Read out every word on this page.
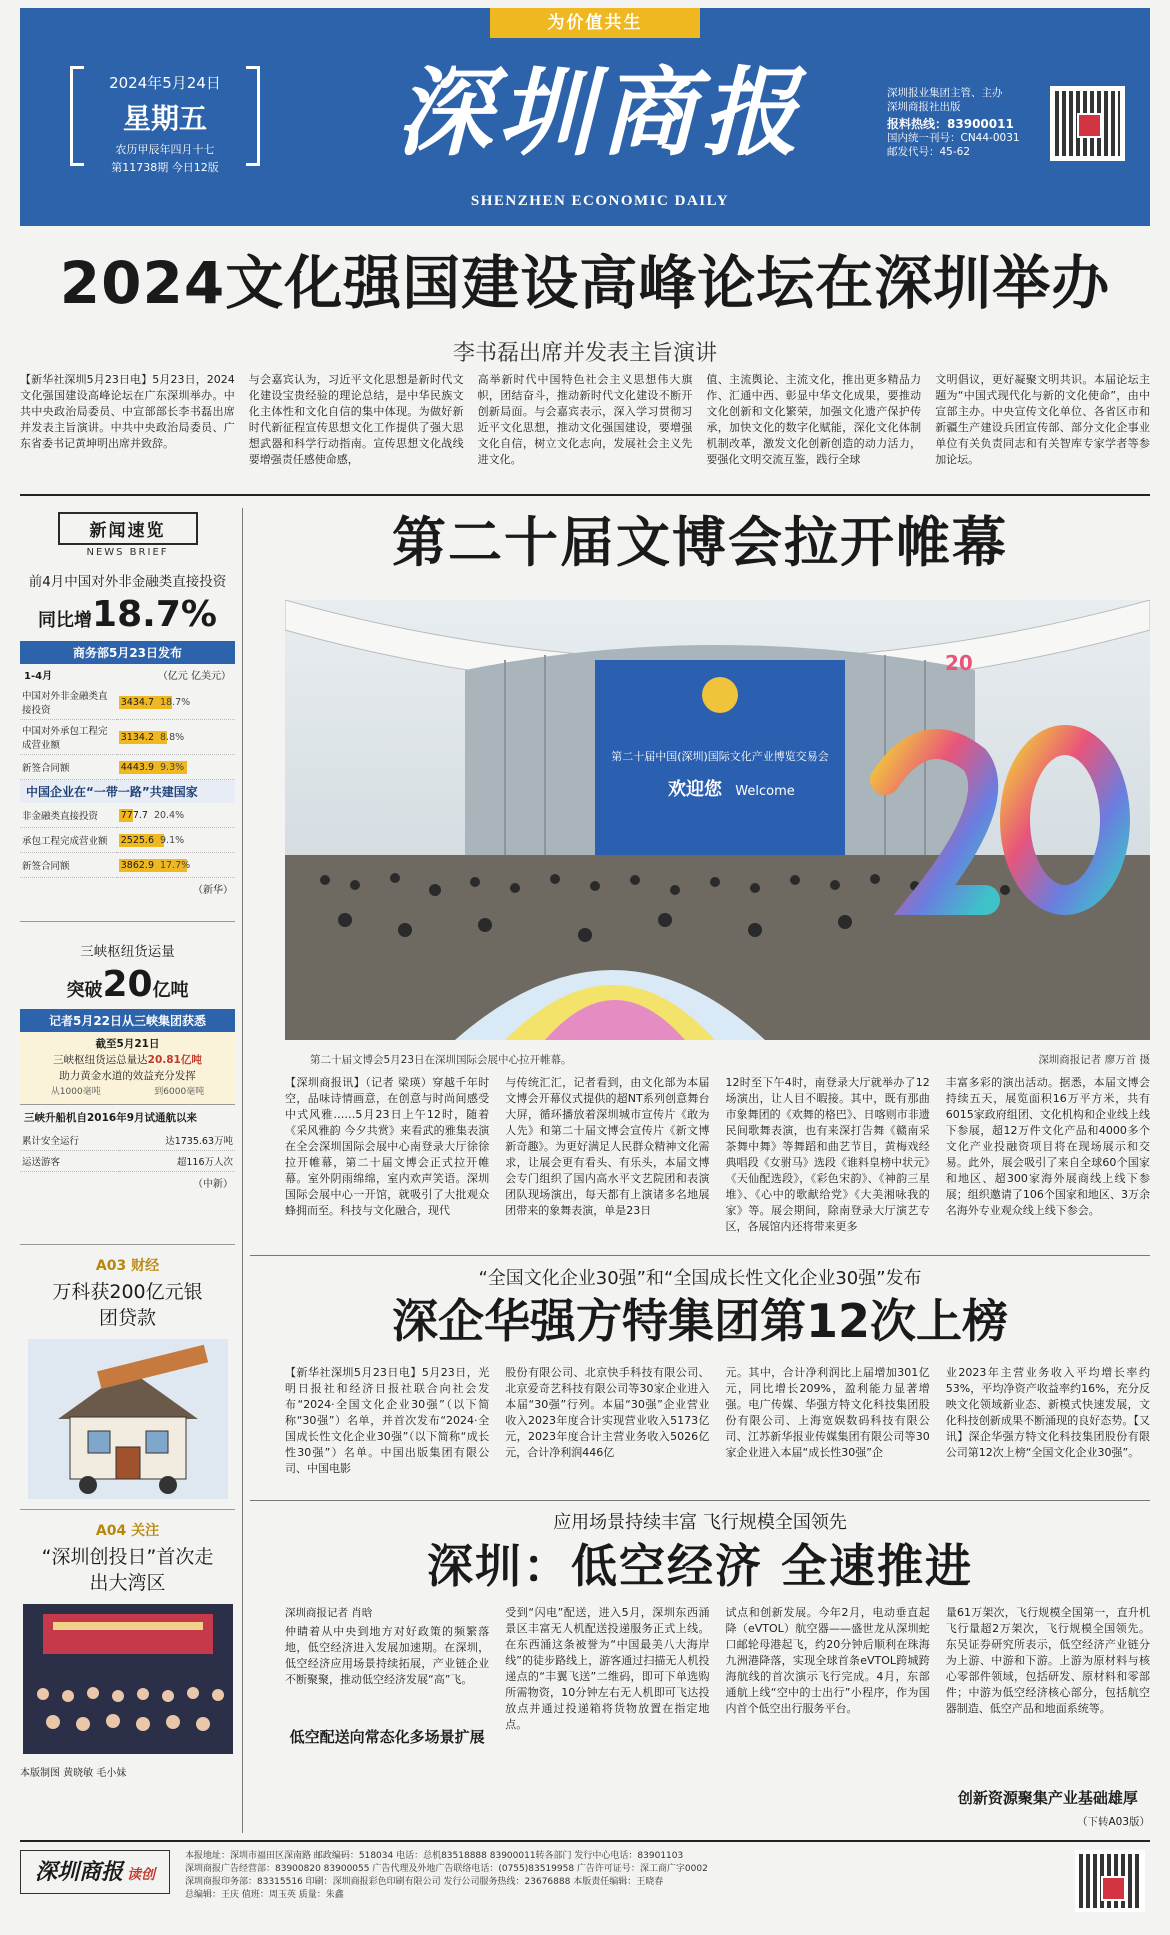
为价值共生
2024年5月24日
星期五
农历甲辰年四月十七
第11738期 今日12版	深圳商报
SHENZHEN ECONOMIC DAILY
深圳报业集团主管、主办
深圳商报社出版
报料热线：83900011
国内统一刊号：CN44-0031
邮发代号：45-62
2024文化强国建设高峰论坛在深圳举办
李书磊出席并发表主旨演讲
【新华社深圳5月23日电】5月23日，2024文化强国建设高峰论坛在广东深圳举办。中共中央政治局委员、中宣部部长李书磊出席并发表主旨演讲。中共中央政治局委员、广东省委书记黄坤明出席并致辞。
与会嘉宾认为，习近平文化思想是新时代文化建设宝贵经验的理论总结，是中华民族文化主体性和文化自信的集中体现。为做好新时代新征程宣传思想文化工作提供了强大思想武器和科学行动指南。宣传思想文化战线要增强责任感使命感，
高举新时代中国特色社会主义思想伟大旗帜，团结奋斗，推动新时代文化建设不断开创新局面。与会嘉宾表示，深入学习贯彻习近平文化思想，推动文化强国建设，要增强文化自信，树立文化志向，发展社会主义先进文化。
值、主流舆论、主流文化，推出更多精品力作、汇通中西、彰显中华文化成果，要推动文化创新和文化繁荣，加强文化遗产保护传承，加快文化的数字化赋能，深化文化体制机制改革，激发文化创新创造的动力活力，要强化文明交流互鉴，践行全球
文明倡议，更好凝聚文明共识。本届论坛主题为“中国式现代化与新的文化使命”，由中宣部主办。中央宣传文化单位、各省区市和新疆生产建设兵团宣传部、部分文化企事业单位有关负责同志和有关智库专家学者等参加论坛。
新闻速览
NEWS BRIEF
前4月中国对外非金融类直接投资
同比增18.7%
商务部5月23日发布
1-4月	（亿元 亿美元）
中国对外非金融类直接投资	3434.7 18.7%

中国对外承包工程完成营业额	3134.2 8.8%

新签合同额	4443.9 9.3%
中国企业在“一带一路”共建国家
非金融类直接投资	777.7 20.4%

承包工程完成营业额	2525.6 9.1%

新签合同额	3862.9 17.7%
（新华）
三峡枢纽货运量
突破20亿吨
记者5月22日从三峡集团获悉
截至5月21日
三峡枢纽货运总量达20.81亿吨
助力黄金水道的效益充分发挥
从1000毫吨	到6000毫吨
三峡升船机自2016年9月试通航以来
累计安全运行	达1735.63万吨
运送游客	超116万人次
（中新）
A03 财经
万科获200亿元银团贷款
A04 关注
“深圳创投日”首次走出大湾区
本版制图 黄晓敏 毛小妹
第二十届文博会拉开帷幕
第二十届中国(深圳)国际文化产业博览交易会
欢迎您 Welcome
20
第二十届文博会5月23日在深圳国际会展中心拉开帷幕。	深圳商报记者 廖万首 摄
【深圳商报讯】（记者 梁瑛）穿越千年时空，品味诗情画意，在创意与时尚间感受中式风雅……5月23日上午12时，随着《采风雅韵 今夕共赏》来看武的雅集表演在全会深圳国际会展中心南登录大厅徐徐拉开帷幕，第二十届文博会正式拉开帷幕。室外阴雨绵绵，室内欢声笑语。深圳国际会展中心一开馆，就吸引了大批观众蜂拥而至。科技与文化融合，现代
与传统汇汇，记者看到，由文化部为本届文博会开幕仪式提供的超NT系列创意舞台大屏，循环播放着深圳城市宣传片《敢为人先》和第二十届文博会宣传片《新文博 新奇趣》。为更好满足人民群众精神文化需求，让展会更有看头、有乐头，本届文博会专门组织了国内高水平文艺院团和表演团队现场演出，每天都有上演诸多名地展团带来的象舞表演，单是23日
12时至下午4时，南登录大厅就举办了12场演出，让人目不暇接。其中，既有那曲市象舞团的《欢舞的格巴》、日喀则市非遗民间歌舞表演，也有来深打告舞《赣南采茶舞中舞》等舞蹈和曲艺节目，黄梅戏经典唱段《女驸马》选段《谁料皇榜中状元》《天仙配选段》，《彩色宋韵》、《神韵三星堆》、《心中的歌献给党》《大美湘咏我的家》等。展会期间，除南登录大厅演艺专区，各展馆内还将带来更多
丰富多彩的演出活动。据悉，本届文博会持续五天，展览面积16万平方米，共有6015家政府组团、文化机构和企业线上线下参展，超12万件文化产品和4000多个文化产业投融资项目将在现场展示和交易。此外，展会吸引了来自全球60个国家和地区、超300家海外展商线上线下参展；组织邀请了106个国家和地区、3万余名海外专业观众线上线下参会。
“全国文化企业30强”和“全国成长性文化企业30强”发布
深企华强方特集团第12次上榜
【新华社深圳5月23日电】5月23日，光明日报社和经济日报社联合向社会发布“2024·全国文化企业30强”（以下简称“30强”）名单，并首次发布“2024·全国成长性文化企业30强”（以下简称“成长性30强”）名单。中国出版集团有限公司、中国电影
股份有限公司、北京快手科技有限公司、北京爱奇艺科技有限公司等30家企业进入本届“30强”行列。本届“30强”企业营业收入2023年度合计实现营业收入5173亿元，2023年度合计主营业务收入5026亿元，合计净利润446亿
元。其中，合计净利润比上届增加301亿元，同比增长209%，盈利能力显著增强。电广传媒、华强方特文化科技集团股份有限公司、上海宽娱数码科技有限公司、江苏新华报业传媒集团有限公司等30家企业进入本届“成长性30强”企
业2023年主营业务收入平均增长率约53%，平均净资产收益率约16%，充分反映文化领域新业态、新模式快速发展，文化科技创新成果不断涌现的良好态势。【又讯】深企华强方特文化科技集团股份有限公司第12次上榜“全国文化企业30强”。
应用场景持续丰富 飞行规模全国领先
深圳：低空经济 全速推进
深圳商报记者 肖晗
仲睛着从中央到地方对好政策的频繁落地，低空经济进入发展加速期。在深圳，低空经济应用场景持续拓展，产业链企业不断聚聚，推动低空经济发展“高”飞。
低空配送向常态化多场景扩展
受到“闪电”配送，进入5月，深圳东西涌景区丰富无人机配送投递服务正式上线。在东西涌这条被誉为“中国最美八大海岸线”的徒步路线上，游客通过扫描无人机投递点的“丰翼飞送”二维码，即可下单选购所需物资，10分钟左右无人机即可飞达投放点并通过投递箱将货物放置在指定地点。
试点和创新发展。今年2月，电动垂直起降（eVTOL）航空器——盛世龙从深圳蛇口邮轮母港起飞，约20分钟后顺利在珠海九洲港降落，实现全球首条eVTOL跨城跨海航线的首次演示飞行完成。4月，东部通航上线“空中的士出行”小程序，作为国内首个低空出行服务平台。
量61万架次，飞行规模全国第一，直升机飞行量超2万架次，飞行规模全国领先。东吴证券研究所表示，低空经济产业链分为上游、中游和下游。上游为原材料与核心零部件领域，包括研发、原材料和零部件；中游为低空经济核心部分，包括航空器制造、低空产品和地面系统等。
创新资源聚集产业基础雄厚
（下转A03版）
深圳商报 读创
本报地址：深圳市福田区深南路 邮政编码：518034 电话：总机83518888 83900011转各部门 发行中心电话：83901103
深圳商报广告经营部：83900820 83900055 广告代理及外地广告联络电话：(0755)83519958 广告许可证号：深工商广字0002
深圳商报印务部：83315516 印刷：深圳商报彩色印刷有限公司 发行公司服务热线：23676888 本版责任编辑：王晓春
总编辑：王庆 值班：周玉英 质量：朱鑫
